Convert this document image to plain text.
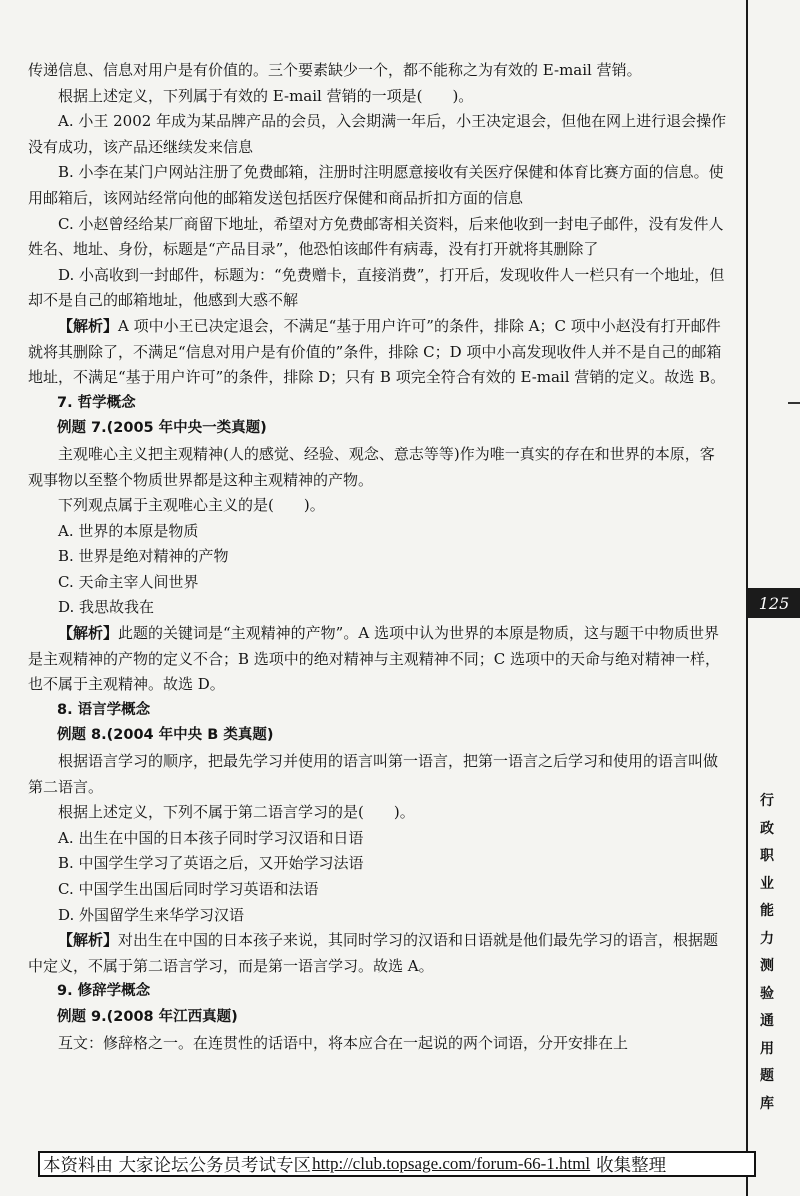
传递信息、信息对用户是有价值的。三个要素缺少一个，都不能称之为有效的 E-mail 营销。

根据上述定义，下列属于有效的 E-mail 营销的一项是(　　)。

A. 小王 2002 年成为某品牌产品的会员，入会期满一年后，小王决定退会，但他在网上进行退会操作没有成功，该产品还继续发来信息

B. 小李在某门户网站注册了免费邮箱，注册时注明愿意接收有关医疗保健和体育比赛方面的信息。使用邮箱后，该网站经常向他的邮箱发送包括医疗保健和商品折扣方面的信息

C. 小赵曾经给某厂商留下地址，希望对方免费邮寄相关资料，后来他收到一封电子邮件，没有发件人姓名、地址、身份，标题是“产品目录”，他恐怕该邮件有病毒，没有打开就将其删除了

D. 小高收到一封邮件，标题为：“免费赠卡，直接消费”，打开后，发现收件人一栏只有一个地址，但却不是自己的邮箱地址，他感到大惑不解

【解析】A 项中小王已决定退会，不满足“基于用户许可”的条件，排除 A；C 项中小赵没有打开邮件就将其删除了，不满足“信息对用户是有价值的”条件，排除 C；D 项中小高发现收件人并不是自己的邮箱地址，不满足“基于用户许可”的条件，排除 D；只有 B 项完全符合有效的 E-mail 营销的定义。故选 B。

7. 哲学概念

例题 7.(2005 年中央一类真题)

主观唯心主义把主观精神(人的感觉、经验、观念、意志等等)作为唯一真实的存在和世界的本原，客观事物以至整个物质世界都是这种主观精神的产物。

下列观点属于主观唯心主义的是(　　)。

A. 世界的本原是物质

B. 世界是绝对精神的产物

C. 天命主宰人间世界

D. 我思故我在

【解析】此题的关键词是“主观精神的产物”。A 选项中认为世界的本原是物质，这与题干中物质世界是主观精神的产物的定义不合；B 选项中的绝对精神与主观精神不同；C 选项中的天命与绝对精神一样，也不属于主观精神。故选 D。

8. 语言学概念

例题 8.(2004 年中央 B 类真题)

根据语言学习的顺序，把最先学习并使用的语言叫第一语言，把第一语言之后学习和使用的语言叫做第二语言。

根据上述定义，下列不属于第二语言学习的是(　　)。

A. 出生在中国的日本孩子同时学习汉语和日语

B. 中国学生学习了英语之后，又开始学习法语

C. 中国学生出国后同时学习英语和法语

D. 外国留学生来华学习汉语

【解析】对出生在中国的日本孩子来说，其同时学习的汉语和日语就是他们最先学习的语言，根据题中定义，不属于第二语言学习，而是第一语言学习。故选 A。

9. 修辞学概念

例题 9.(2008 年江西真题)

互文：修辞格之一。在连贯性的话语中，将本应合在一起说的两个词语，分开安排在上

125
行
政
职
业
能
力
测
验
通
用
题
库
本资料由 大家论坛公务员考试专区 http://club.topsage.com/forum-66-1.html 收集整理
